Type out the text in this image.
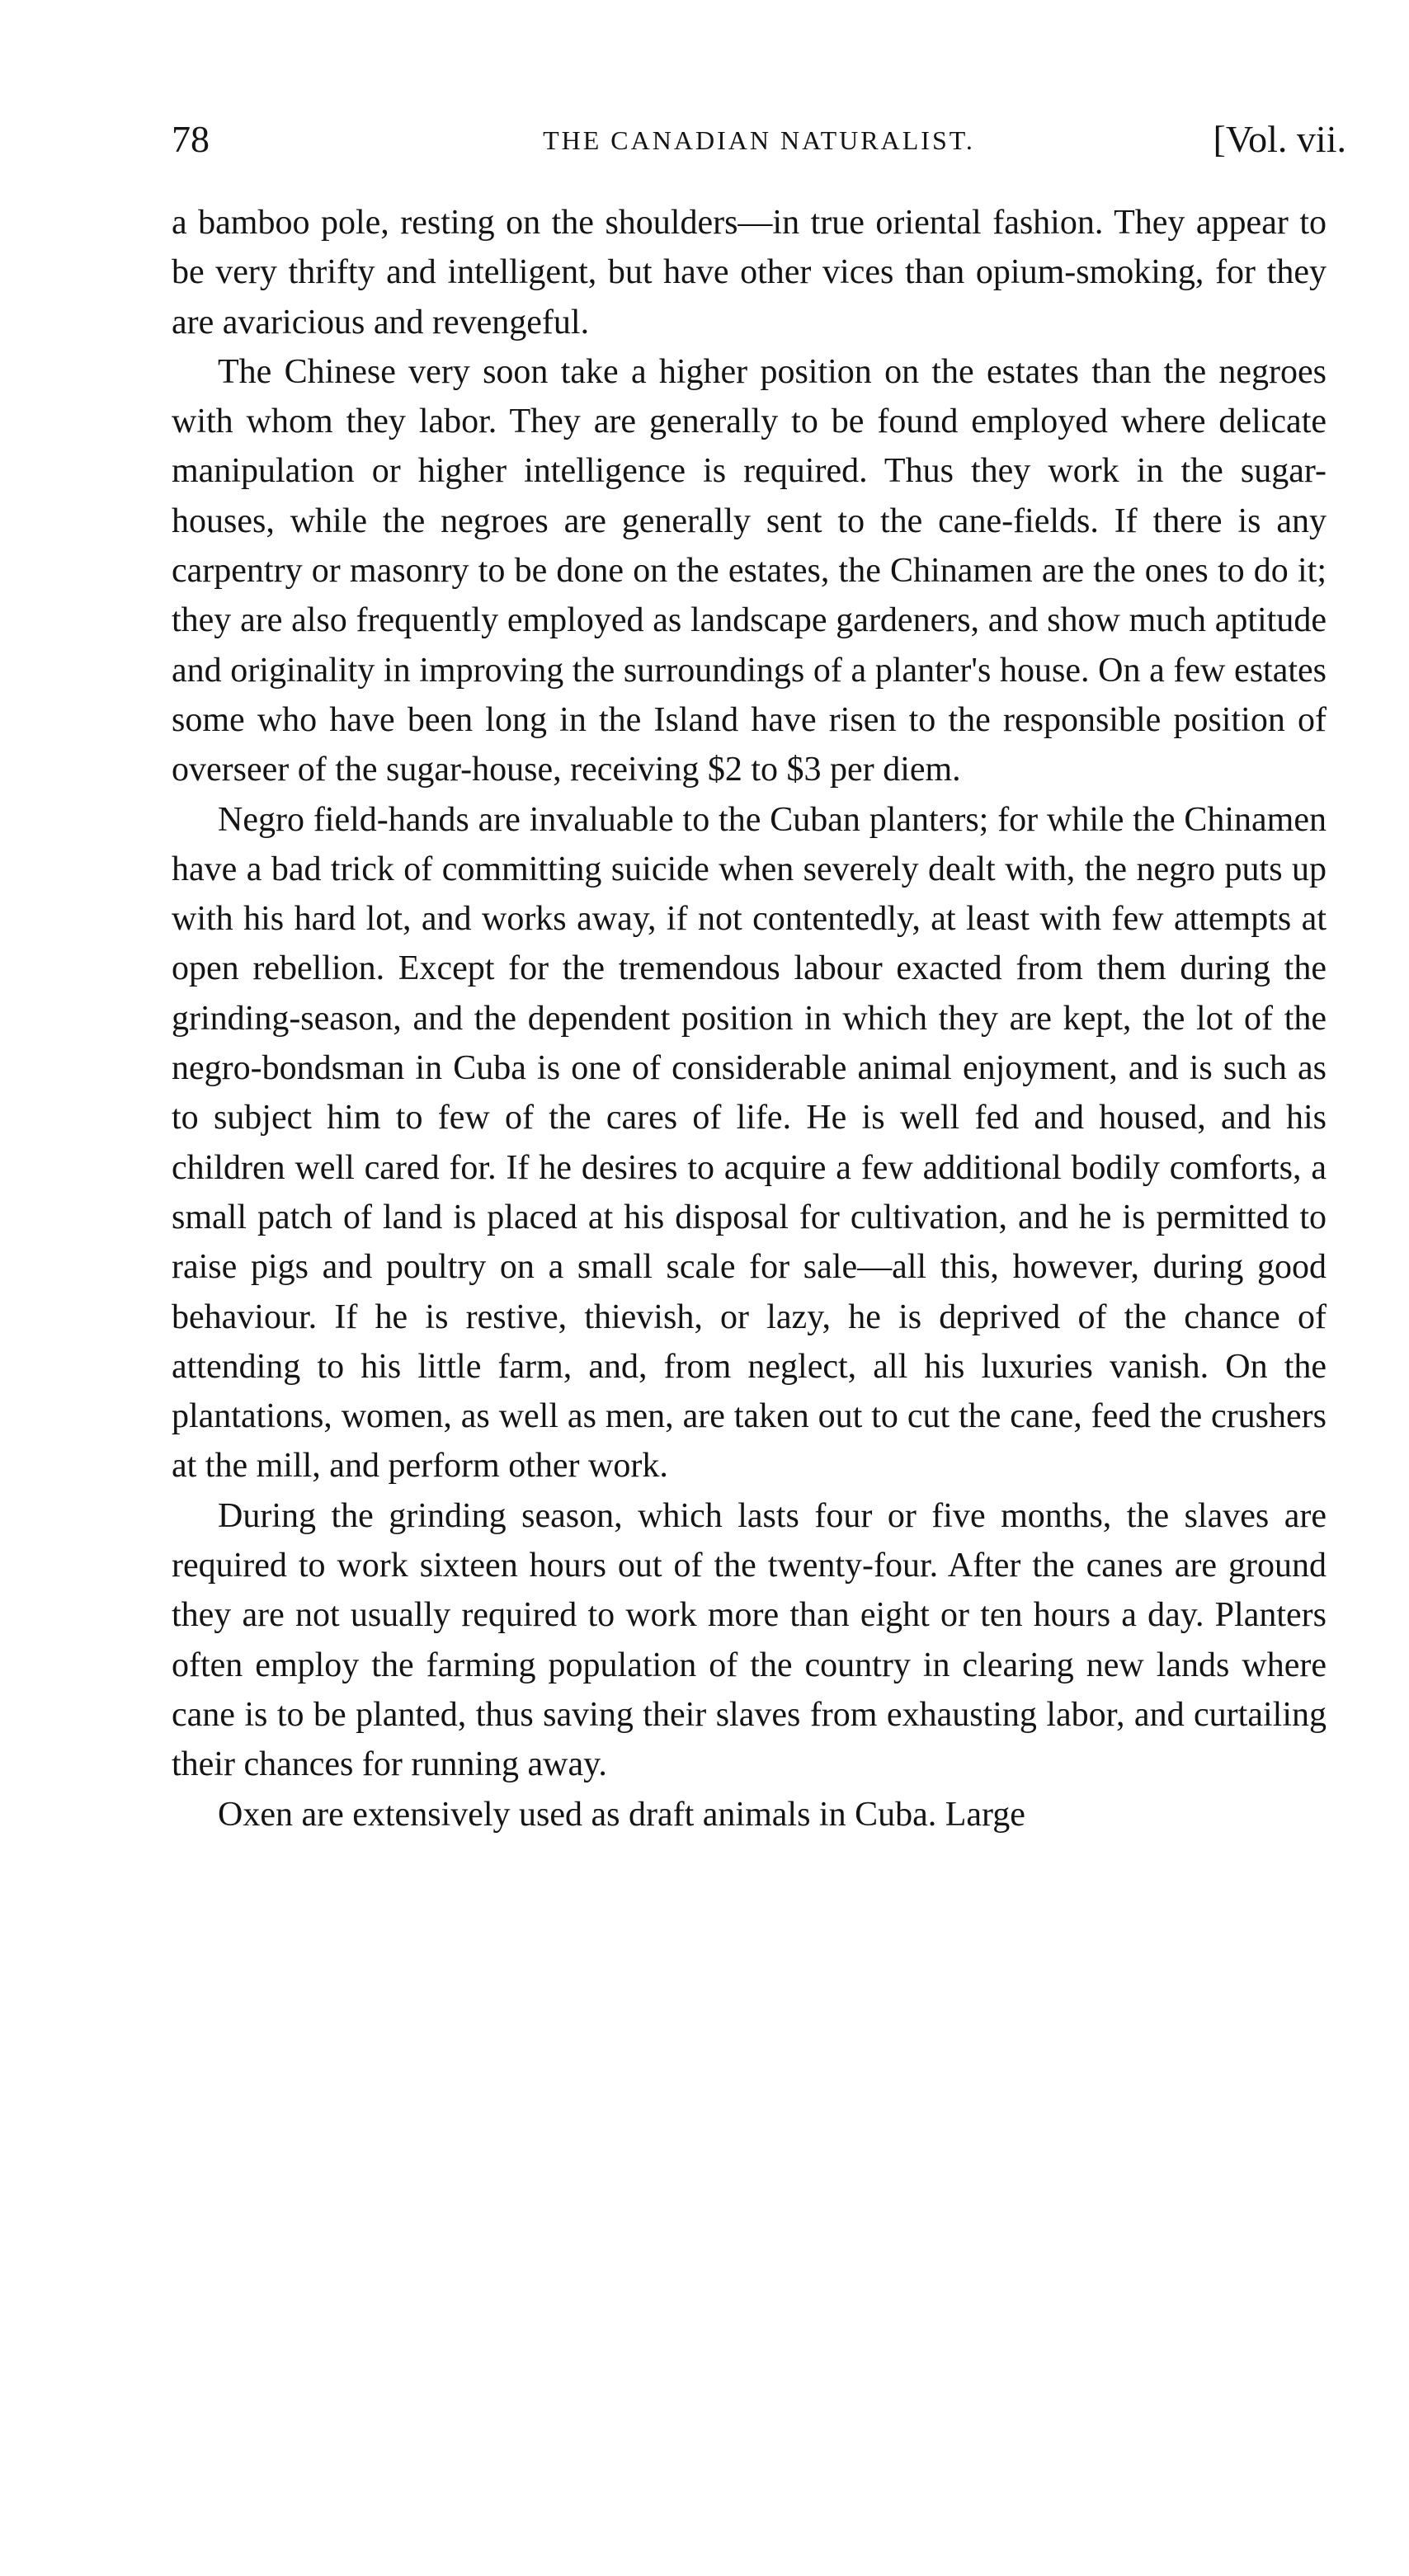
78	THE CANADIAN NATURALIST.	[Vol. vii.

a bamboo pole, resting on the shoulders—in true oriental fashion. They appear to be very thrifty and intelligent, but have other vices than opium-smoking, for they are avaricious and revengeful.

The Chinese very soon take a higher position on the estates than the negroes with whom they labor. They are generally to be found employed where delicate manipulation or higher intelligence is required. Thus they work in the sugar-houses, while the negroes are generally sent to the cane-fields. If there is any carpentry or masonry to be done on the estates, the Chinamen are the ones to do it; they are also frequently employed as landscape gardeners, and show much aptitude and originality in improving the surroundings of a planter's house. On a few estates some who have been long in the Island have risen to the responsible position of overseer of the sugar-house, receiving $2 to $3 per diem.

Negro field-hands are invaluable to the Cuban planters; for while the Chinamen have a bad trick of committing suicide when severely dealt with, the negro puts up with his hard lot, and works away, if not contentedly, at least with few attempts at open rebellion. Except for the tremendous labour exacted from them during the grinding-season, and the dependent position in which they are kept, the lot of the negro-bondsman in Cuba is one of considerable animal enjoyment, and is such as to subject him to few of the cares of life. He is well fed and housed, and his children well cared for. If he desires to acquire a few additional bodily comforts, a small patch of land is placed at his disposal for cultivation, and he is permitted to raise pigs and poultry on a small scale for sale—all this, however, during good behaviour. If he is restive, thievish, or lazy, he is deprived of the chance of attending to his little farm, and, from neglect, all his luxuries vanish. On the plantations, women, as well as men, are taken out to cut the cane, feed the crushers at the mill, and perform other work.

During the grinding season, which lasts four or five months, the slaves are required to work sixteen hours out of the twenty-four. After the canes are ground they are not usually required to work more than eight or ten hours a day. Planters often employ the farming population of the country in clearing new lands where cane is to be planted, thus saving their slaves from exhausting labor, and curtailing their chances for running away.

Oxen are extensively used as draft animals in Cuba. Large
